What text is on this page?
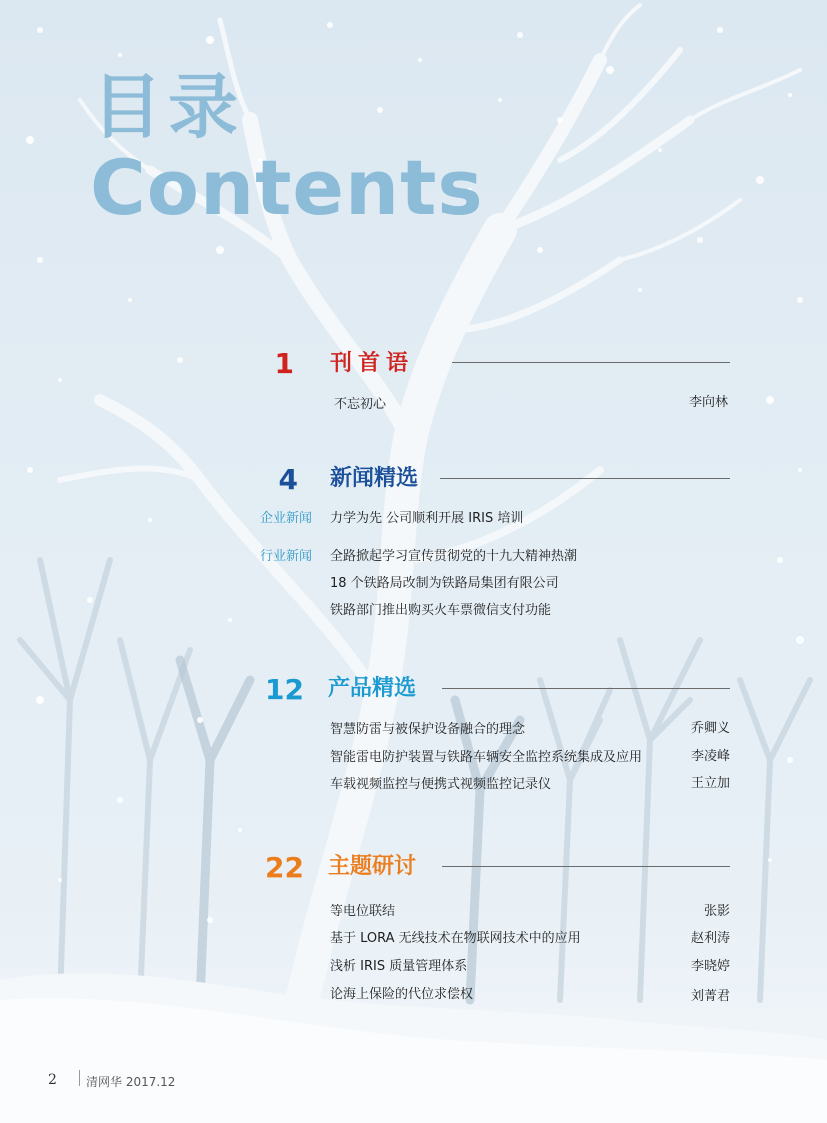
目录
Contents
1 刊首语
不忘初心	李向林
4 新闻精选
企业新闻 力学为先 公司顺利开展 IRIS 培训
行业新闻 全路掀起学习宣传贯彻党的十九大精神热潮
18 个铁路局改制为铁路局集团有限公司
铁路部门推出购买火车票微信支付功能
12 产品精选
智慧防雷与被保护设备融合的理念	乔卿义
智能雷电防护装置与铁路车辆安全监控系统集成及应用	李凌峰
车载视频监控与便携式视频监控记录仪	王立加
22 主题研讨
等电位联结	张影
基于 LORA 无线技术在物联网技术中的应用	赵利涛
浅析 IRIS 质量管理体系	李晓婷
论海上保险的代位求偿权	刘菁君
2 清网华 2017.12
